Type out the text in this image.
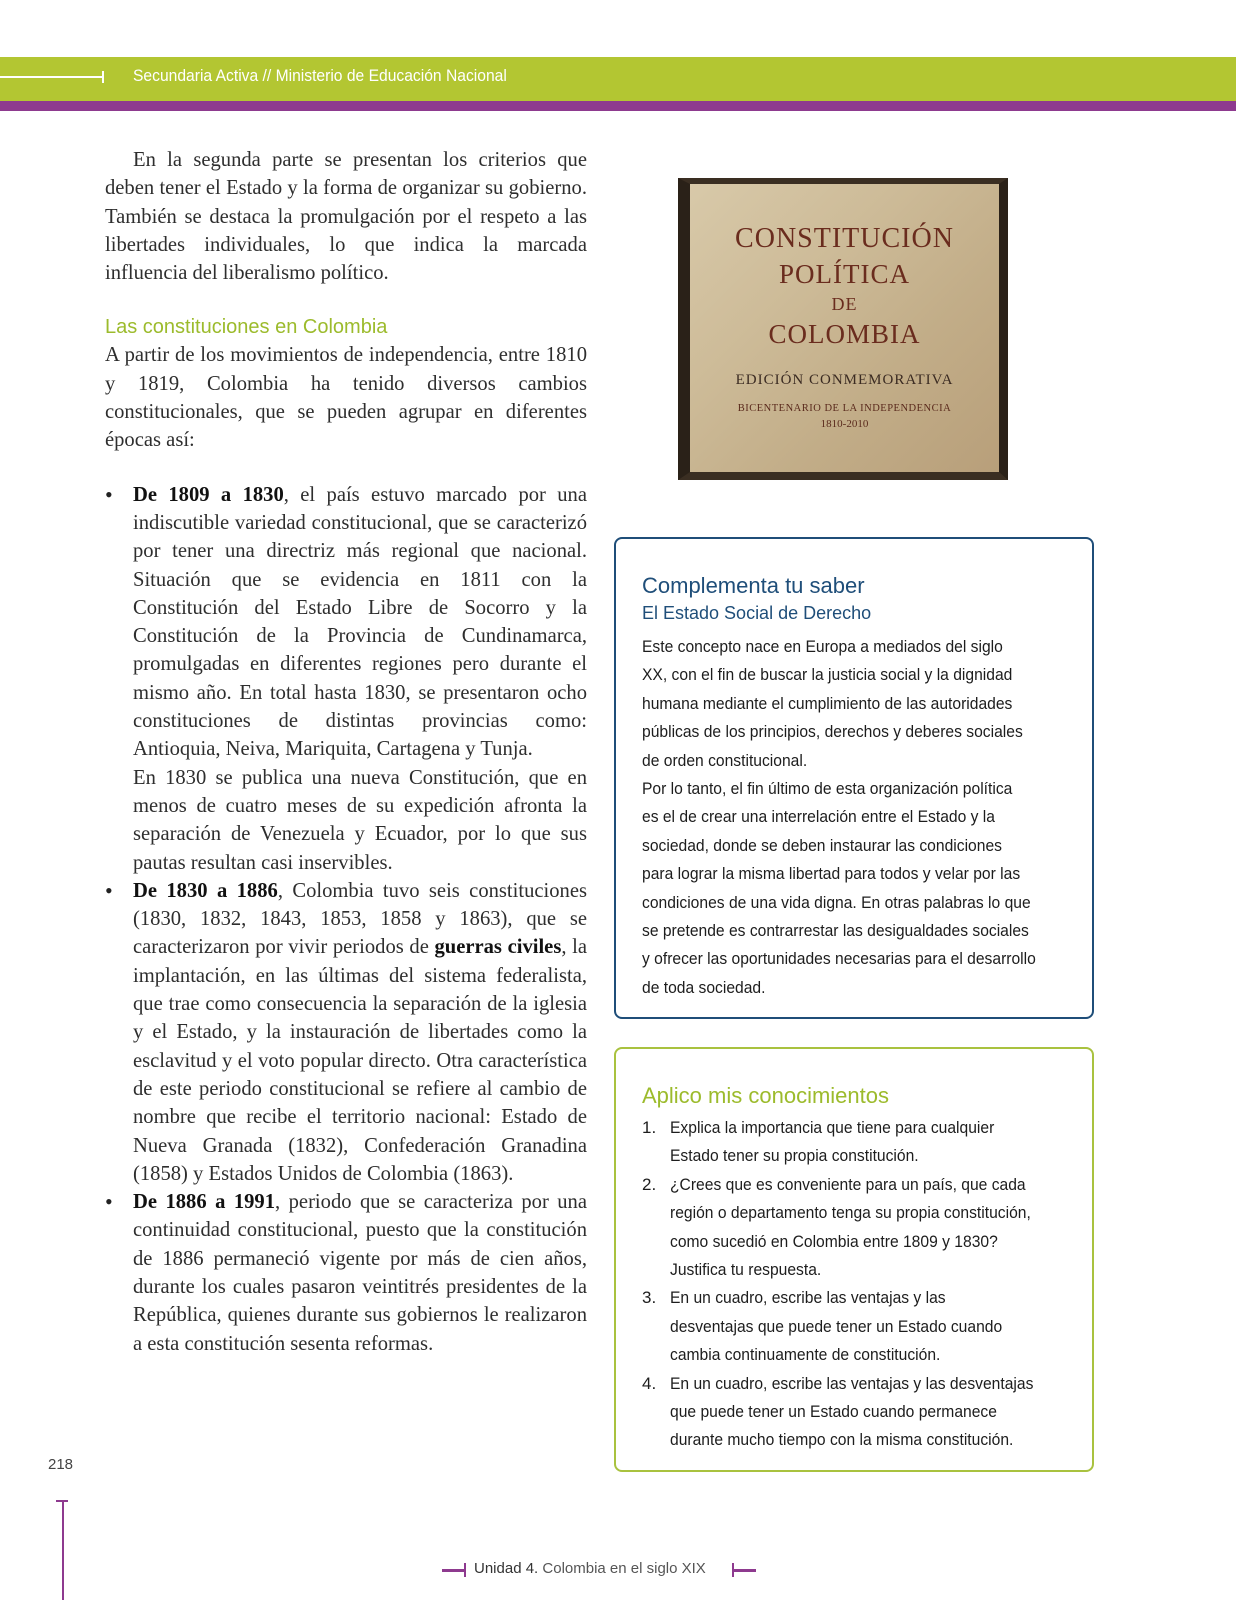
Secundaria Activa // Ministerio de Educación Nacional

En la segunda parte se presentan los criterios que deben tener el Estado y la forma de organizar su gobierno. También se destaca la promulgación por el respeto a las libertades individuales, lo que indica la marcada influencia del liberalismo político.

Las constituciones en Colombia

A partir de los movimientos de independencia, entre 1810 y 1819, Colombia ha tenido diversos cambios constitucionales, que se pueden agrupar en diferentes épocas así:

• De 1809 a 1830, el país estuvo marcado por una indiscutible variedad constitucional, que se caracterizó por tener una directriz más regional que nacional. Situación que se evidencia en 1811 con la Constitución del Estado Libre de Socorro y la Constitución de la Provincia de Cundinamarca, promulgadas en diferentes regiones pero durante el mismo año. En total hasta 1830, se presentaron ocho constituciones de distintas provincias como: Antioquia, Neiva, Mariquita, Cartagena y Tunja.
En 1830 se publica una nueva Constitución, que en menos de cuatro meses de su expedición afronta la separación de Venezuela y Ecuador, por lo que sus pautas resultan casi inservibles.
• De 1830 a 1886, Colombia tuvo seis constituciones (1830, 1832, 1843, 1853, 1858 y 1863), que se caracterizaron por vivir periodos de guerras civiles, la implantación, en las últimas del sistema federalista, que trae como consecuencia la separación de la iglesia y el Estado, y la instauración de libertades como la esclavitud y el voto popular directo. Otra característica de este periodo constitucional se refiere al cambio de nombre que recibe el territorio nacional: Estado de Nueva Granada (1832), Confederación Granadina (1858) y Estados Unidos de Colombia (1863).
• De 1886 a 1991, periodo que se caracteriza por una continuidad constitucional, puesto que la constitución de 1886 permaneció vigente por más de cien años, durante los cuales pasaron veintitrés presidentes de la República, quienes durante sus gobiernos le realizaron a esta constitución sesenta reformas.
CONSTITUCIÓN
POLÍTICA
DE
COLOMBIA
EDICIÓN CONMEMORATIVA
BICENTENARIO DE LA INDEPENDENCIA
1810-2010
Complementa tu saber
El Estado Social de Derecho

Este concepto nace en Europa a mediados del siglo
XX, con el fin de buscar la justicia social y la dignidad
humana mediante el cumplimiento de las autoridades
públicas de los principios, derechos y deberes sociales
de orden constitucional.

Por lo tanto, el fin último de esta organización política
es el de crear una interrelación entre el Estado y la
sociedad, donde se deben instaurar las condiciones
para lograr la misma libertad para todos y velar por las
condiciones de una vida digna. En otras palabras lo que
se pretende es contrarrestar las desigualdades sociales
y ofrecer las oportunidades necesarias para el desarrollo
de toda sociedad.

Aplico mis conocimientos
1. Explica la importancia que tiene para cualquier
Estado tener su propia constitución.
2. ¿Crees que es conveniente para un país, que cada
región o departamento tenga su propia constitución,
como sucedió en Colombia entre 1809 y 1830?
Justifica tu respuesta.
3. En un cuadro, escribe las ventajas y las
desventajas que puede tener un Estado cuando
cambia continuamente de constitución.
4. En un cuadro, escribe las ventajas y las desventajas
que puede tener un Estado cuando permanece
durante mucho tiempo con la misma constitución.
218
Unidad 4. Colombia en el siglo XIX
